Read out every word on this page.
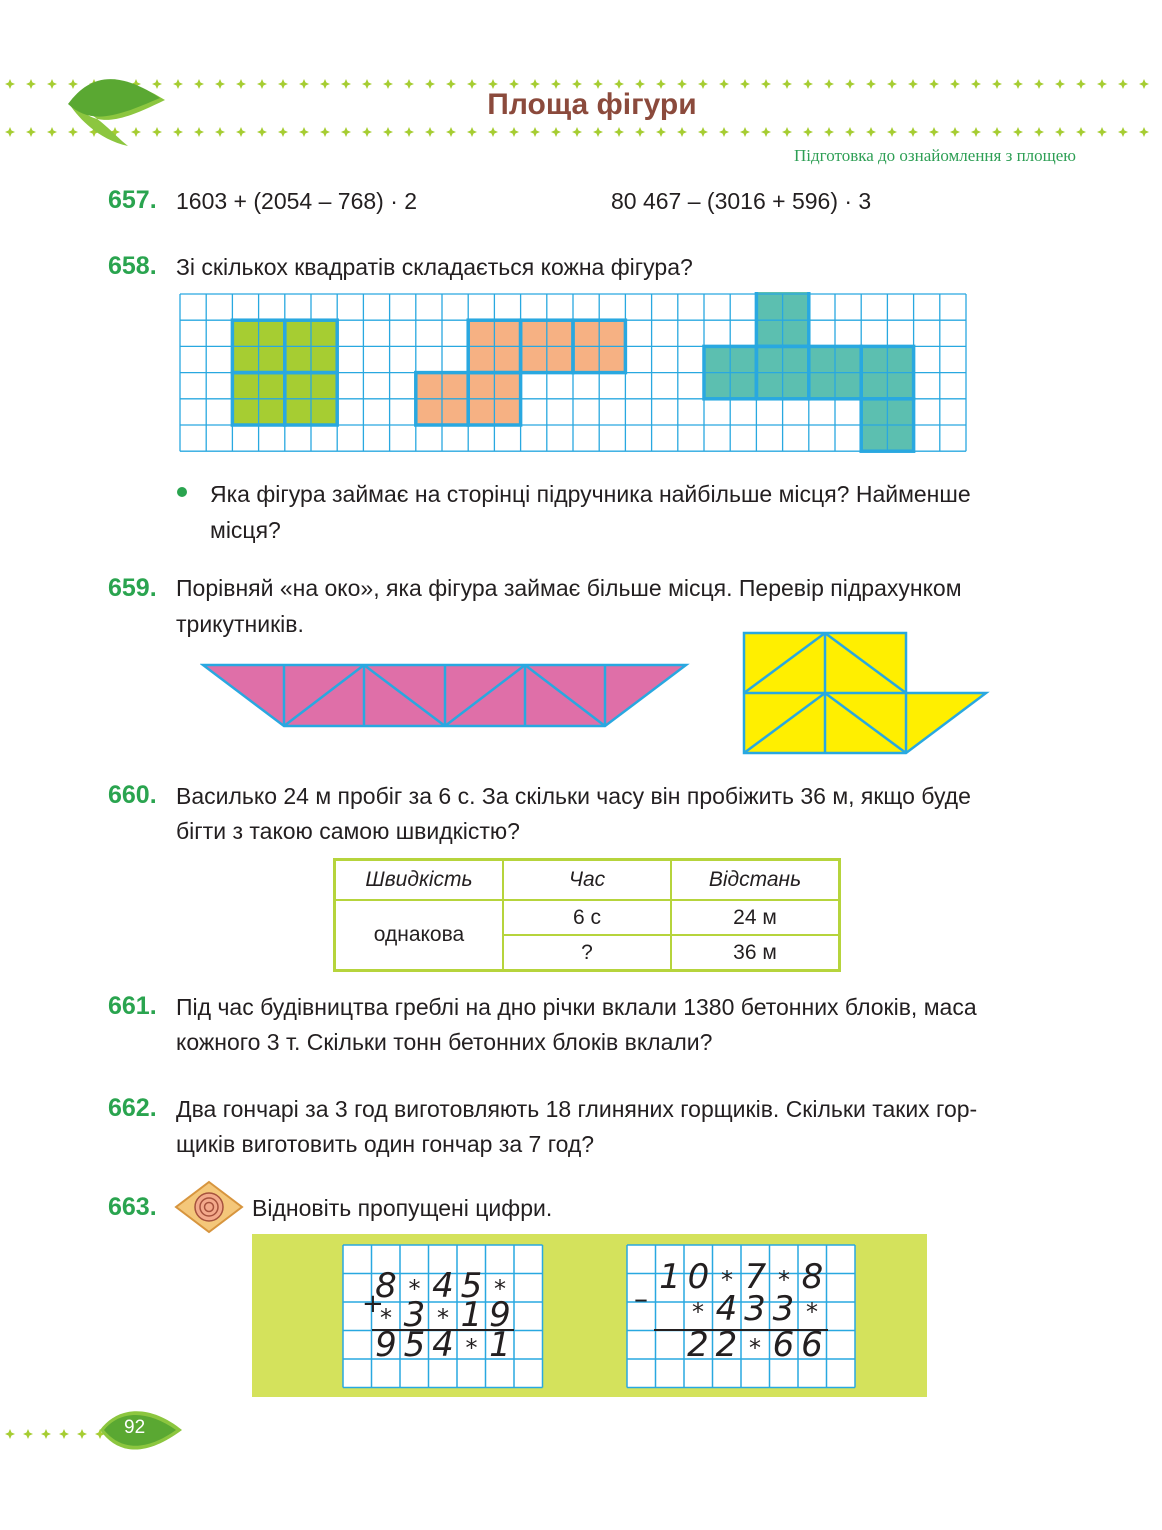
Площа фігури
Підготовка до ознайомлення з площею
657. 1603 + (2054 – 768) · 2	80 467 – (3016 + 596) · 3
658. Зі скількох квадратів складається кожна фігура?
Яка фігура займає на сторінці підручника найбільше місця? Найменше
місця?
659. Порівняй «на око», яка фігура займає більше місця. Перевір підрахунком
трикутників.
660. Василько 24 м пробіг за 6 с. За скільки часу він пробіжить 36 м, якщо буде
бігти з такою самою швидкістю?
Швидкість	Час	Відстань
однакова	6 с	24 м
	?	36 м
661. Під час будівництва греблі на дно річки вклали 1380 бетонних блоків, маса
кожного 3 т. Скільки тонн бетонних блоків вклали?
662. Два гончарі за 3 год виготовляють 18 глиняних горщиків. Скільки таких гор-
щиків виготовить один гончар за 7 год?
663.	Відновіть пропущені цифри.
+
8 * 4 5 *
* 3 * 1 9
9 5 4 * 1
–
1 0 * 7 * 8
* 4 3 3 *
2 2 * 6 6
92
